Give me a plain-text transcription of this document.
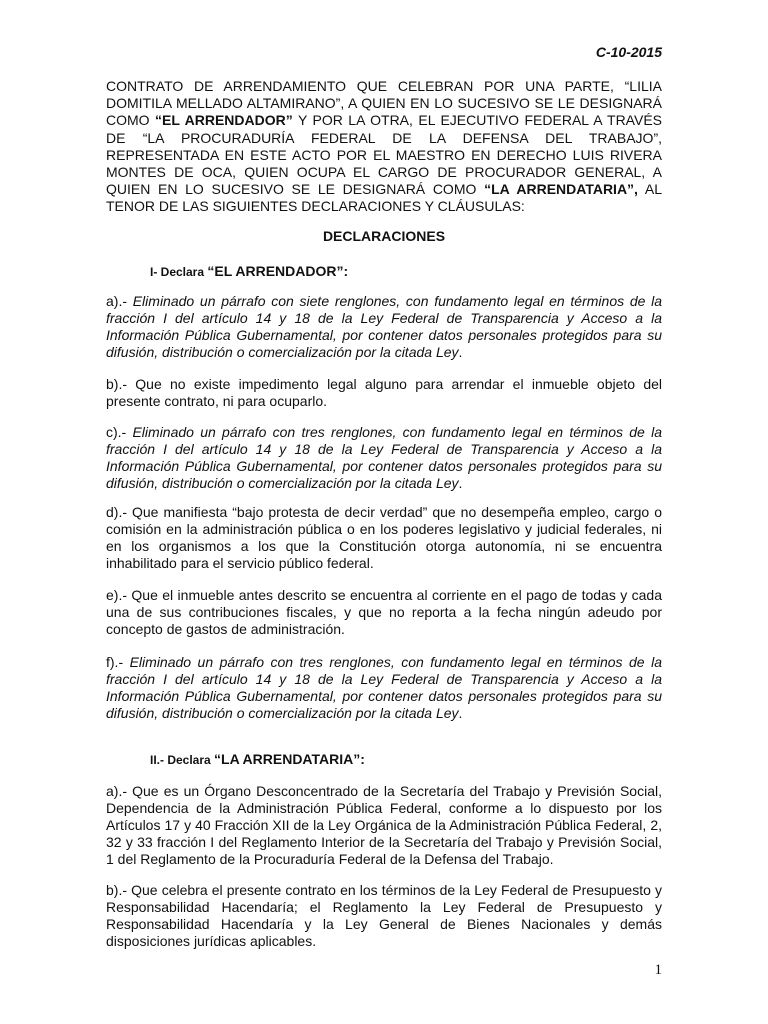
C-10-2015
CONTRATO DE ARRENDAMIENTO QUE CELEBRAN POR UNA PARTE, “LILIA DOMITILA MELLADO ALTAMIRANO”, A QUIEN EN LO SUCESIVO SE LE DESIGNARÁ COMO “EL ARRENDADOR” Y POR LA OTRA, EL EJECUTIVO FEDERAL A TRAVÉS DE “LA PROCURADURÍA FEDERAL DE LA DEFENSA DEL TRABAJO”, REPRESENTADA EN ESTE ACTO POR EL MAESTRO EN DERECHO LUIS RIVERA MONTES DE OCA, QUIEN OCUPA EL CARGO DE PROCURADOR GENERAL, A QUIEN EN LO SUCESIVO SE LE DESIGNARÁ COMO “LA ARRENDATARIA”, AL TENOR DE LAS SIGUIENTES DECLARACIONES Y CLÁUSULAS:
DECLARACIONES
I- Declara “EL ARRENDADOR”:
a).- Eliminado un párrafo con siete renglones, con fundamento legal en términos de la fracción I del artículo 14 y 18 de la Ley Federal de Transparencia y Acceso a la Información Pública Gubernamental, por contener datos personales protegidos para su difusión, distribución o comercialización por la citada Ley.
b).- Que no existe impedimento legal alguno para arrendar el inmueble objeto del presente contrato, ni para ocuparlo.
c).- Eliminado un párrafo con tres renglones, con fundamento legal en términos de la fracción I del artículo 14 y 18 de la Ley Federal de Transparencia y Acceso a la Información Pública Gubernamental, por contener datos personales protegidos para su difusión, distribución o comercialización por la citada Ley.
d).- Que manifiesta “bajo protesta de decir verdad” que no desempeña empleo, cargo o comisión en la administración pública o en los poderes legislativo y judicial federales, ni en los organismos a los que la Constitución otorga autonomía, ni se encuentra inhabilitado para el servicio público federal.
e).- Que el inmueble antes descrito se encuentra al corriente en el pago de todas y cada una de sus contribuciones fiscales, y que no reporta a la fecha ningún adeudo por concepto de gastos de administración.
f).- Eliminado un párrafo con tres renglones, con fundamento legal en términos de la fracción I del artículo 14 y 18 de la Ley Federal de Transparencia y Acceso a la Información Pública Gubernamental, por contener datos personales protegidos para su difusión, distribución o comercialización por la citada Ley.
II.- Declara “LA ARRENDATARIA”:
a).- Que es un Órgano Desconcentrado de la Secretaría del Trabajo y Previsión Social, Dependencia de la Administración Pública Federal, conforme a lo dispuesto por los Artículos 17 y 40 Fracción XII de la Ley Orgánica de la Administración Pública Federal, 2, 32 y 33 fracción I del Reglamento Interior de la Secretaría del Trabajo y Previsión Social, 1 del Reglamento de la Procuraduría Federal de la Defensa del Trabajo.
b).- Que celebra el presente contrato en los términos de la Ley Federal de Presupuesto y Responsabilidad Hacendaría; el Reglamento la Ley Federal de Presupuesto y Responsabilidad Hacendaría y la Ley General de Bienes Nacionales y demás disposiciones jurídicas aplicables.
1
